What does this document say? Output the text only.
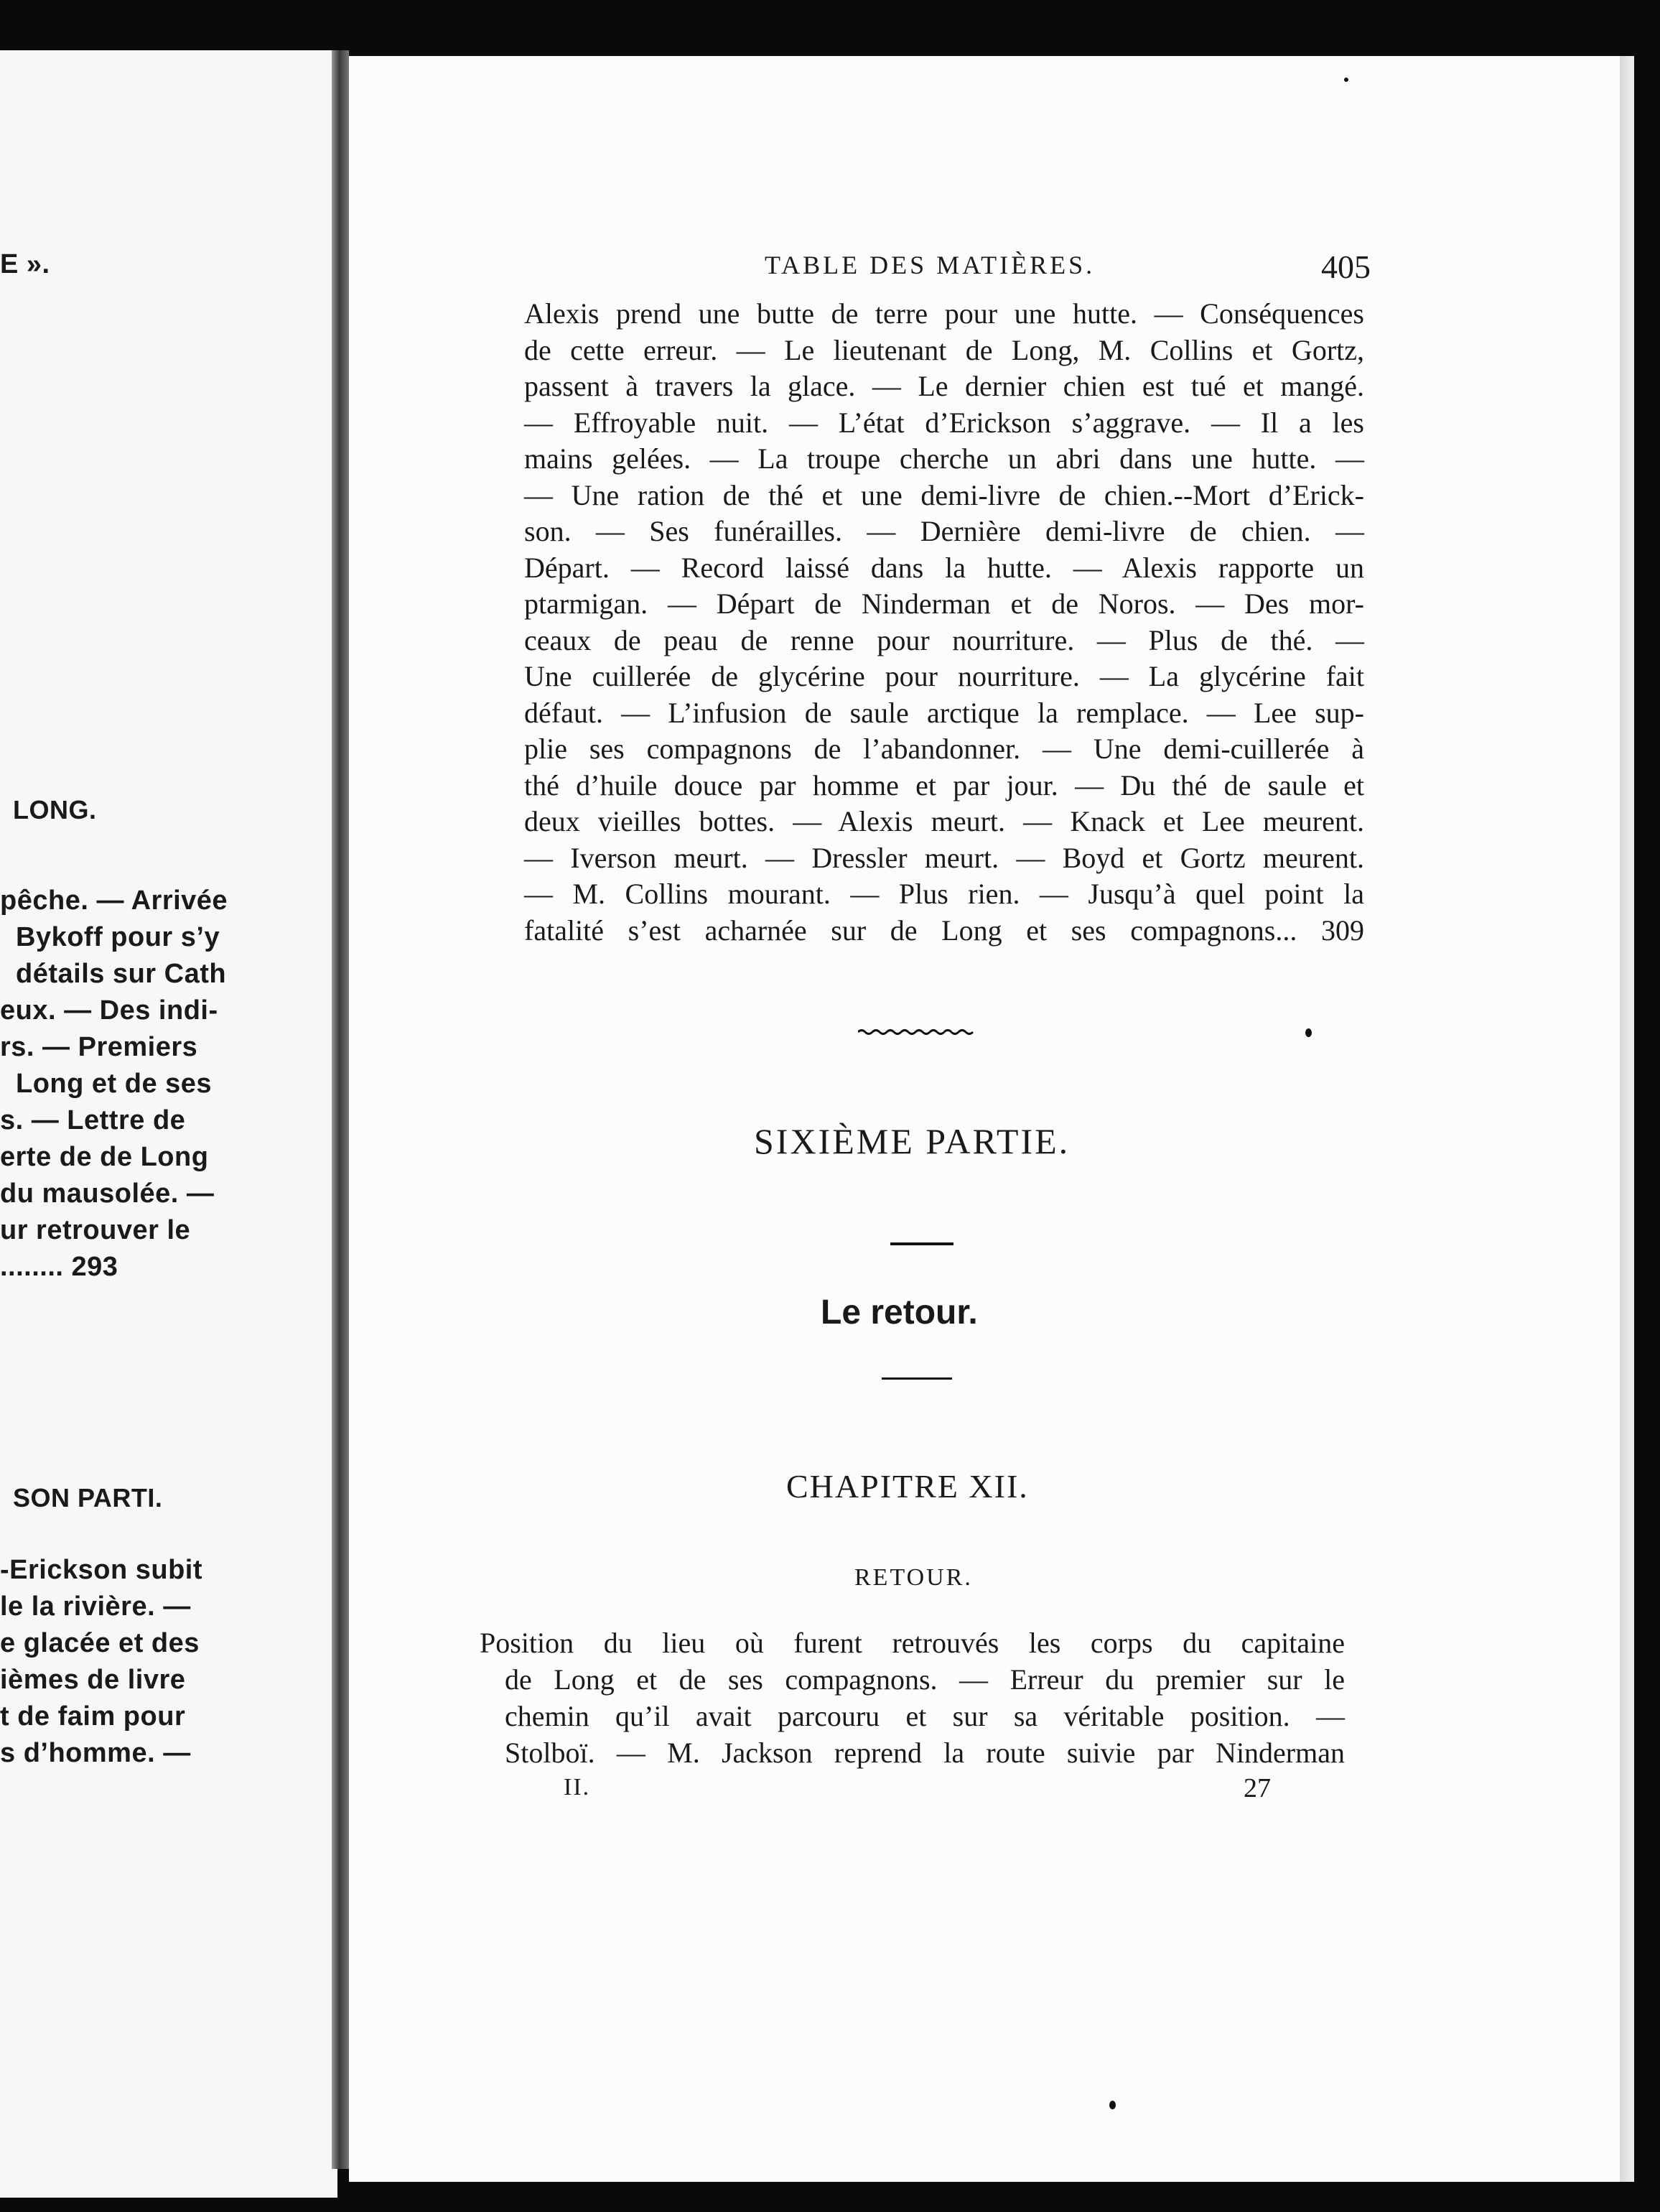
E ».
LONG.
pêche. — Arrivée
Bykoff pour s’y
détails sur Cath
eux. — Des indi-
rs. — Premiers
Long et de ses
s. — Lettre de
erte de de Long
du mausolée. —
ur retrouver le
........ 293
SON PARTI.
-Erickson subit
le la rivière. —
e glacée et des
ièmes de livre
t de faim pour
s d’homme. —
TABLE DES MATIÈRES.	405
Alexis prend une butte de terre pour une hutte. — Conséquences
de cette erreur. — Le lieutenant de Long, M. Collins et Gortz,
passent à travers la glace. — Le dernier chien est tué et mangé.
— Effroyable nuit. — L’état d’Erickson s’aggrave. — Il a les
mains gelées. — La troupe cherche un abri dans une hutte. —
— Une ration de thé et une demi-livre de chien.--Mort d’Erick-
son. — Ses funérailles. — Dernière demi-livre de chien. —
Départ. — Record laissé dans la hutte. — Alexis rapporte un
ptarmigan. — Départ de Ninderman et de Noros. — Des mor-
ceaux de peau de renne pour nourriture. — Plus de thé. —
Une cuillerée de glycérine pour nourriture. — La glycérine fait
défaut. — L’infusion de saule arctique la remplace. — Lee sup-
plie ses compagnons de l’abandonner. — Une demi-cuillerée à
thé d’huile douce par homme et par jour. — Du thé de saule et
deux vieilles bottes. — Alexis meurt. — Knack et Lee meurent.
— Iverson meurt. — Dressler meurt. — Boyd et Gortz meurent.
— M. Collins mourant. — Plus rien. — Jusqu’à quel point la
fatalité s’est acharnée sur de Long et ses compagnons... 309
SIXIÈME PARTIE.
Le retour.
CHAPITRE XII.
RETOUR.
Position du lieu où furent retrouvés les corps du capitaine
de Long et de ses compagnons. — Erreur du premier sur le
chemin qu’il avait parcouru et sur sa véritable position. —
Stolboï. — M. Jackson reprend la route suivie par Ninderman
II.	27
